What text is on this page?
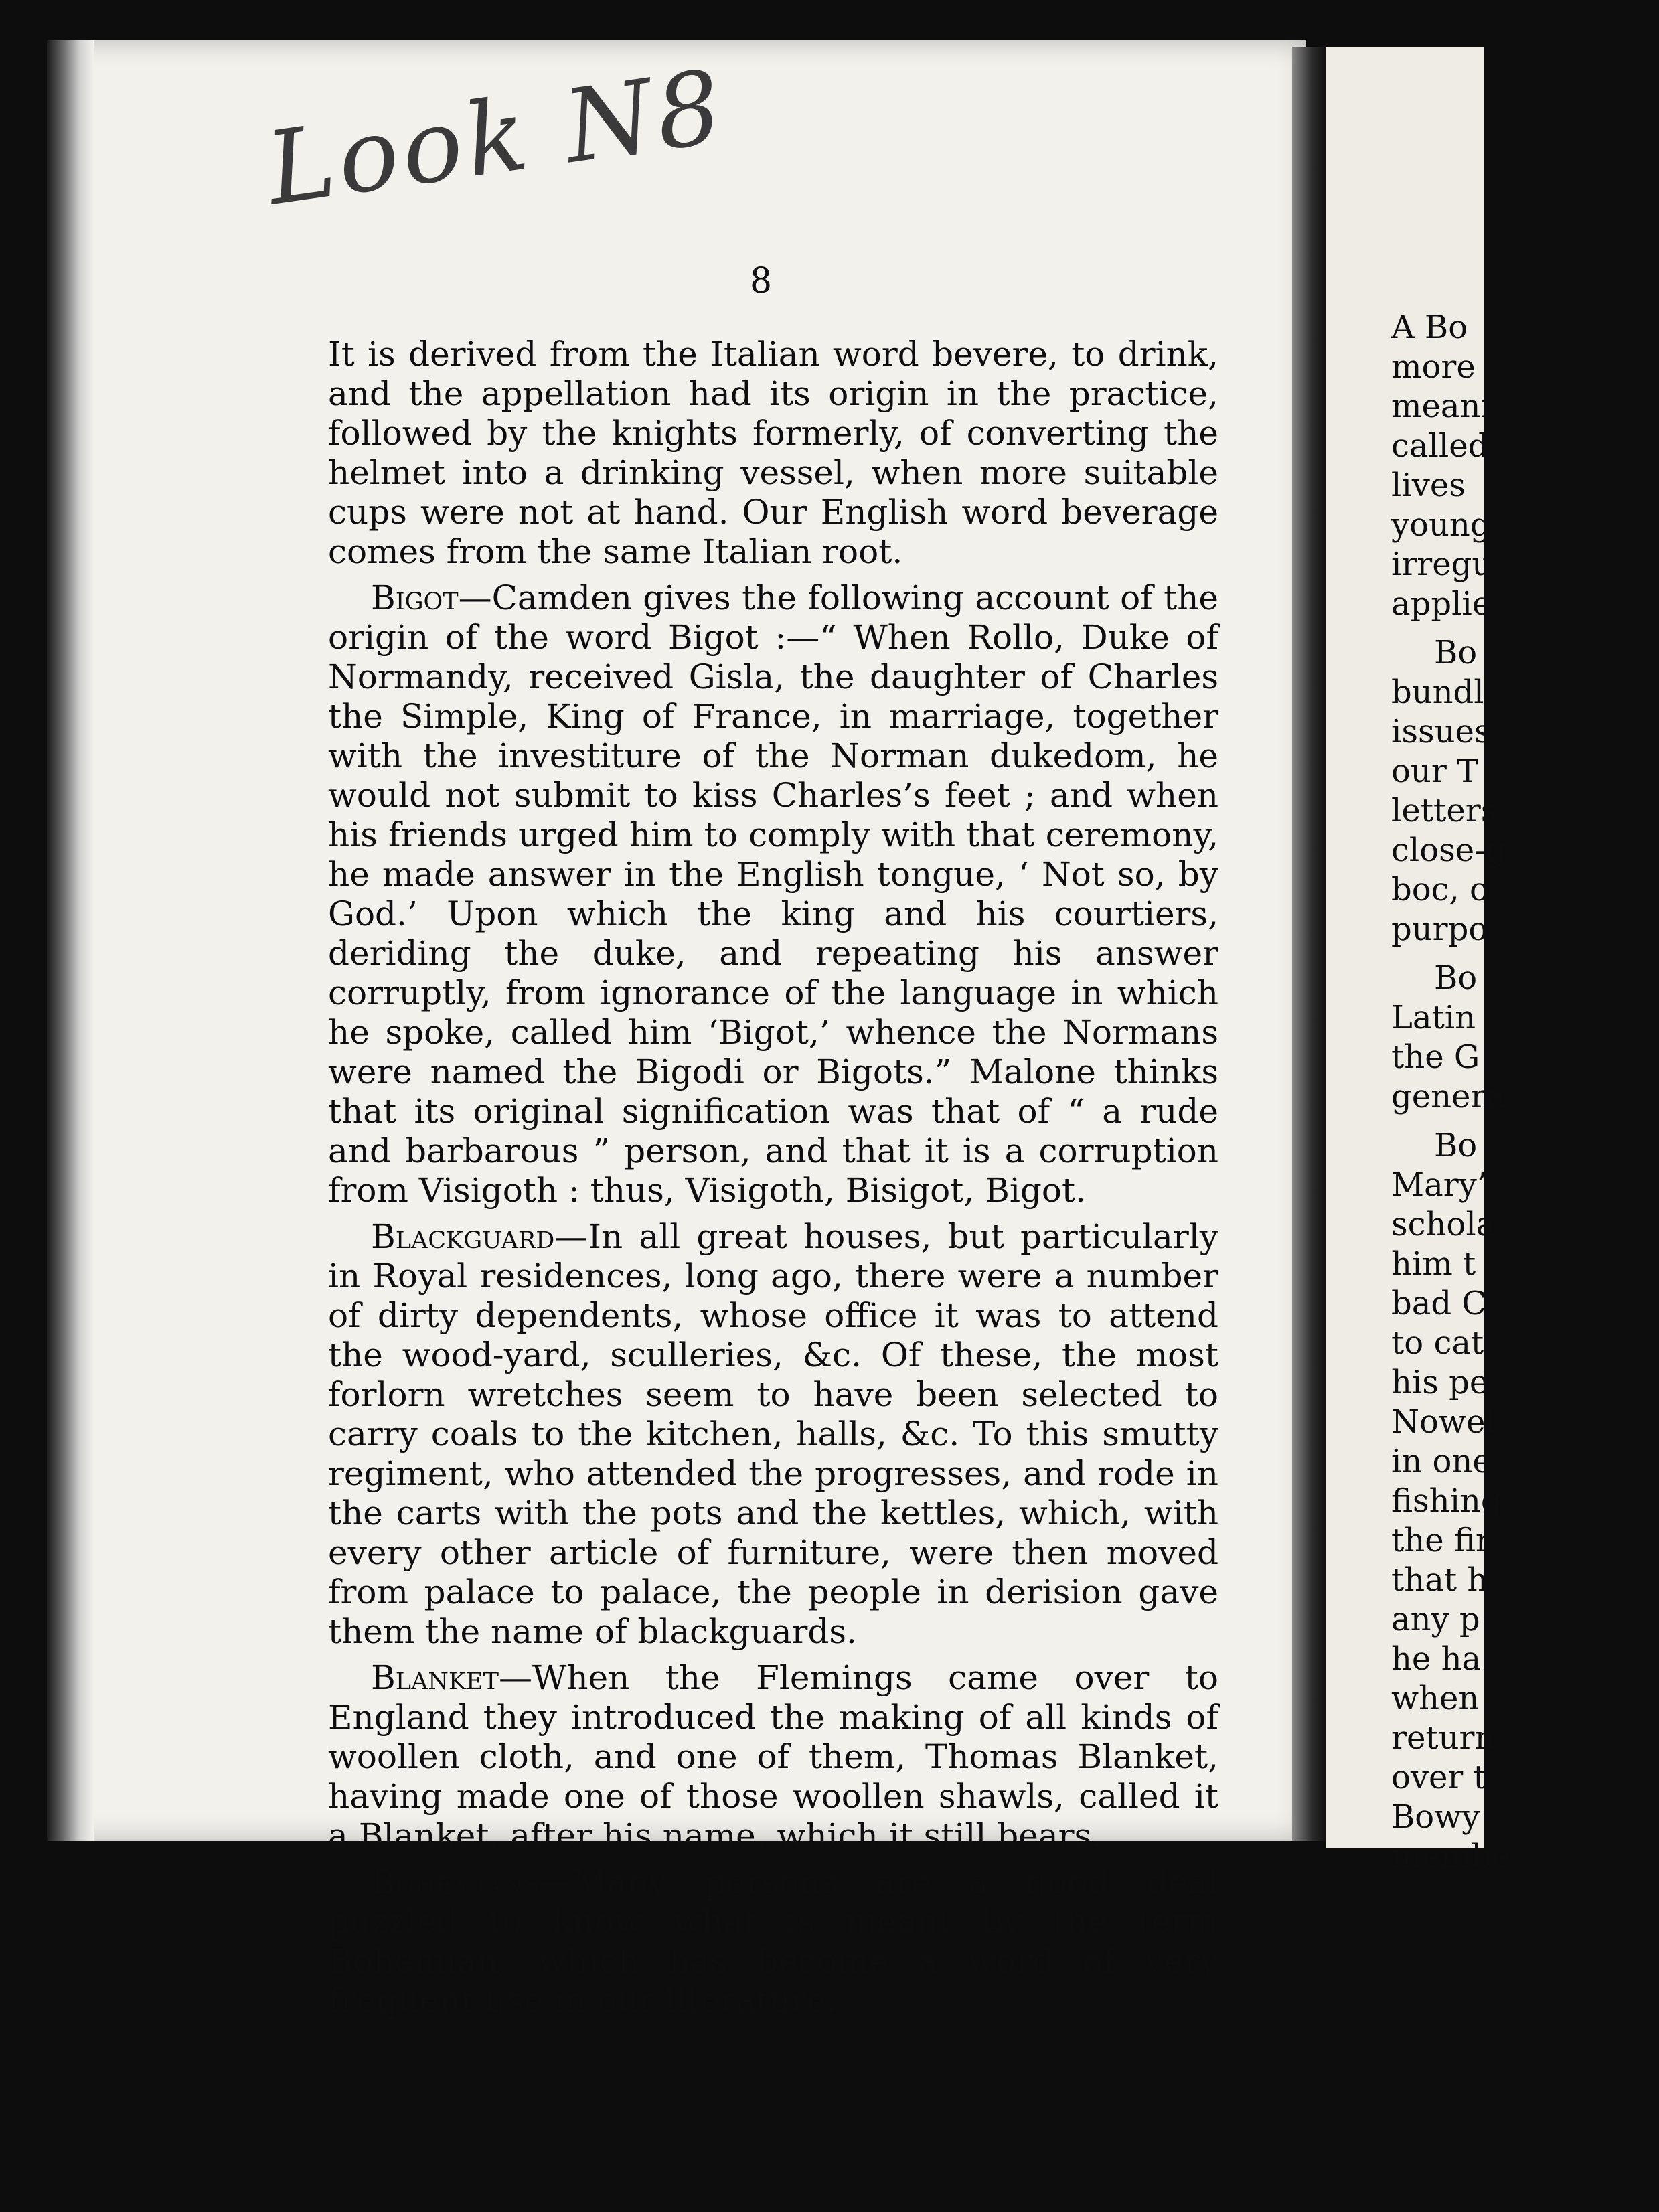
Look N8
8

It is derived from the Italian word bevere, to drink, and the appellation had its origin in the practice, followed by the knights formerly, of converting the helmet into a drinking vessel, when more suitable cups were not at hand. Our English word beverage comes from the same Italian root.

Bigot—Camden gives the following account of the origin of the word Bigot :—“ When Rollo, Duke of Normandy, received Gisla, the daughter of Charles the Simple, King of France, in marriage, together with the investiture of the Norman dukedom, he would not submit to kiss Charles’s feet ; and when his friends urged him to comply with that ceremony, he made answer in the English tongue, ‘ Not so, by God.’ Upon which the king and his courtiers, deriding the duke, and repeating his answer corruptly, from ignorance of the language in which he spoke, called him ‘Bigot,’ whence the Normans were named the Bigodi or Bigots.” Malone thinks that its original signification was that of “ a rude and barbarous ” person, and that it is a corruption from Visigoth : thus, Visigoth, Bisigot, Bigot.

Blackguard—In all great houses, but particularly in Royal residences, long ago, there were a number of dirty dependents, whose office it was to attend the wood-yard, sculleries, &c. Of these, the most forlorn wretches seem to have been selected to carry coals to the kitchen, halls, &c. To this smutty regiment, who attended the progresses, and rode in the carts with the pots and the kettles, which, with every other article of furniture, were then moved from palace to palace, the people in derision gave them the name of blackguards.

Blanket—When the Flemings came over to England they introduced the making of all kinds of woollen cloth, and one of them, Thomas Blanket, having made one of those woollen shawls, called it a Blanket, after his name, which it still bears.

Bohemians—Many persons are a good deal puzzled to know what is meant by the term Bohemian, which has become a word of very frequent use in our literature.

A Bo
more
meani
called
lives
young
irregu
applie
Bo
bundl
issues
our T
letters
close-g
boc, o
purpo
Bo
Latin
the G
genera
Bo
Mary’
schola
him t
bad C
to cat
his pe
Nowel
in one
fishing
the fir
that h
any p
he ha
when
return
over t
Bowy
membe
